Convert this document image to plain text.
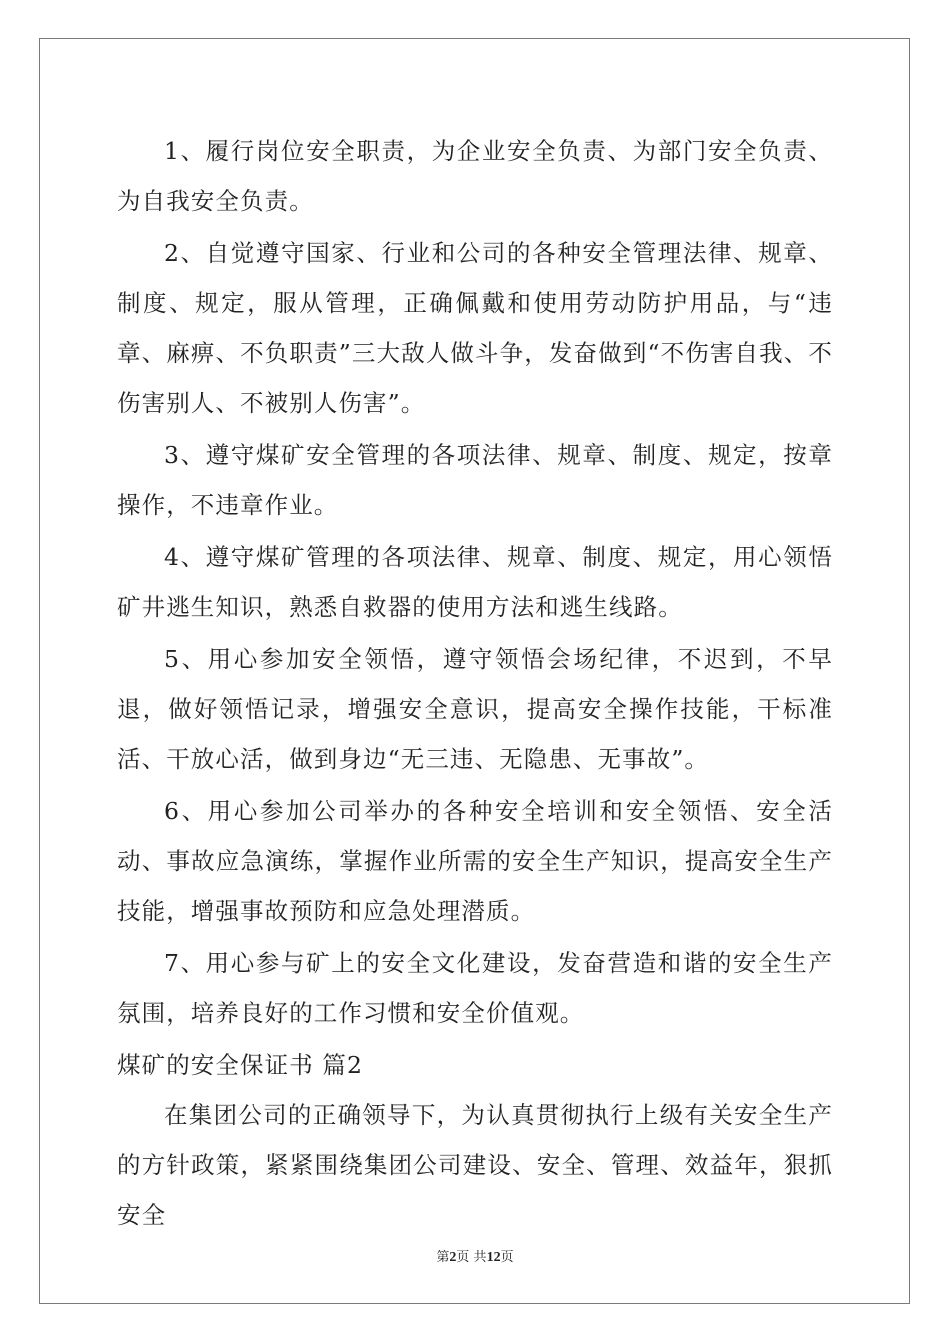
1、履行岗位安全职责，为企业安全负责、为部门安全负责、为自我安全负责。

2、自觉遵守国家、行业和公司的各种安全管理法律、规章、制度、规定，服从管理，正确佩戴和使用劳动防护用品，与“违章、麻痹、不负职责”三大敌人做斗争，发奋做到“不伤害自我、不伤害别人、不被别人伤害”。

3、遵守煤矿安全管理的各项法律、规章、制度、规定，按章操作，不违章作业。

4、遵守煤矿管理的各项法律、规章、制度、规定，用心领悟矿井逃生知识，熟悉自救器的使用方法和逃生线路。

5、用心参加安全领悟，遵守领悟会场纪律，不迟到，不早退，做好领悟记录，增强安全意识，提高安全操作技能，干标准活、干放心活，做到身边“无三违、无隐患、无事故”。

6、用心参加公司举办的各种安全培训和安全领悟、安全活动、事故应急演练，掌握作业所需的安全生产知识，提高安全生产技能，增强事故预防和应急处理潜质。

7、用心参与矿上的安全文化建设，发奋营造和谐的安全生产氛围，培养良好的工作习惯和安全价值观。

煤矿的安全保证书 篇2

在集团公司的正确领导下，为认真贯彻执行上级有关安全生产的方针政策，紧紧围绕集团公司建设、安全、管理、效益年，狠抓安全

第2页 共12页
